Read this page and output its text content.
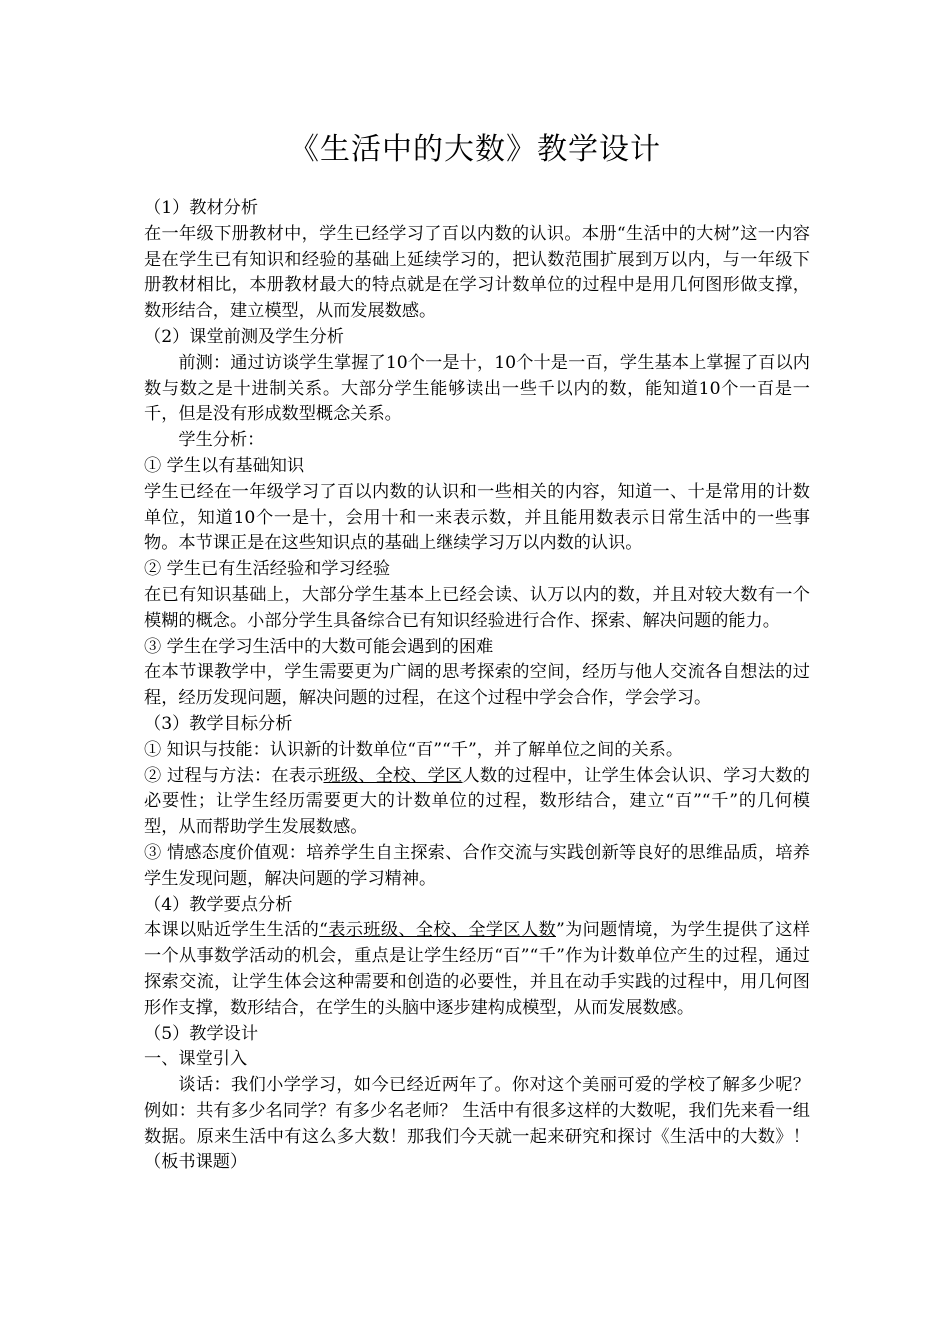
《生活中的大数》教学设计

（1）教材分析

在一年级下册教材中，学生已经学习了百以内数的认识。本册“生活中的大树”这一内容是在学生已有知识和经验的基础上延续学习的，把认数范围扩展到万以内，与一年级下册教材相比，本册教材最大的特点就是在学习计数单位的过程中是用几何图形做支撑，数形结合，建立模型，从而发展数感。

（2）课堂前测及学生分析

前测：通过访谈学生掌握了10个一是十，10个十是一百，学生基本上掌握了百以内数与数之是十进制关系。大部分学生能够读出一些千以内的数，能知道10个一百是一千，但是没有形成数型概念关系。

学生分析：

① 学生以有基础知识

学生已经在一年级学习了百以内数的认识和一些相关的内容，知道一、十是常用的计数单位，知道10个一是十，会用十和一来表示数，并且能用数表示日常生活中的一些事物。本节课正是在这些知识点的基础上继续学习万以内数的认识。

② 学生已有生活经验和学习经验

在已有知识基础上，大部分学生基本上已经会读、认万以内的数，并且对较大数有一个模糊的概念。小部分学生具备综合已有知识经验进行合作、探索、解决问题的能力。

③ 学生在学习生活中的大数可能会遇到的困难

在本节课教学中，学生需要更为广阔的思考探索的空间，经历与他人交流各自想法的过程，经历发现问题，解决问题的过程，在这个过程中学会合作，学会学习。

（3）教学目标分析

① 知识与技能：认识新的计数单位“百”“千”，并了解单位之间的关系。

② 过程与方法：在表示班级、全校、学区人数的过程中，让学生体会认识、学习大数的必要性；让学生经历需要更大的计数单位的过程，数形结合，建立“百”“千”的几何模型，从而帮助学生发展数感。

③ 情感态度价值观：培养学生自主探索、合作交流与实践创新等良好的思维品质，培养学生发现问题，解决问题的学习精神。

（4）教学要点分析

本课以贴近学生生活的“表示班级、全校、全学区人数”为问题情境，为学生提供了这样一个从事数学活动的机会，重点是让学生经历“百”“千”作为计数单位产生的过程，通过探索交流，让学生体会这种需要和创造的必要性，并且在动手实践的过程中，用几何图形作支撑，数形结合，在学生的头脑中逐步建构成模型，从而发展数感。

（5）教学设计

一、课堂引入

谈话：我们小学学习，如今已经近两年了。你对这个美丽可爱的学校了解多少呢？例如：共有多少名同学？有多少名老师？ 生活中有很多这样的大数呢，我们先来看一组数据。原来生活中有这么多大数！那我们今天就一起来研究和探讨《生活中的大数》！（板书课题）
